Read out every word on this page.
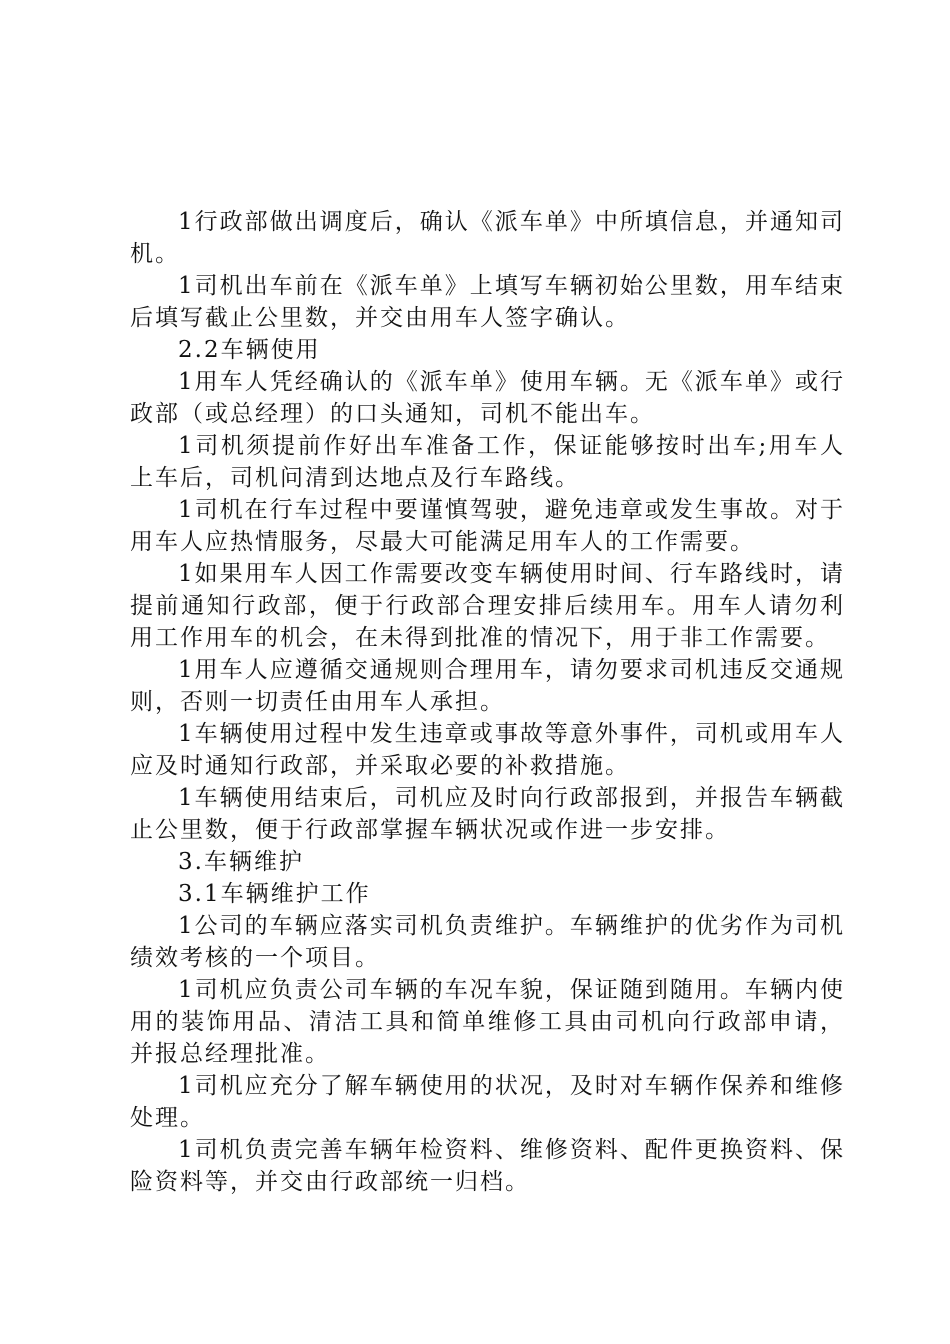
1行政部做出调度后，确认《派车单》中所填信息，并通知司机。

1司机出车前在《派车单》上填写车辆初始公里数，用车结束后填写截止公里数，并交由用车人签字确认。

2.2车辆使用

1用车人凭经确认的《派车单》使用车辆。无《派车单》或行政部（或总经理）的口头通知，司机不能出车。

1司机须提前作好出车准备工作，保证能够按时出车;用车人上车后，司机问清到达地点及行车路线。

1司机在行车过程中要谨慎驾驶，避免违章或发生事故。对于用车人应热情服务，尽最大可能满足用车人的工作需要。

1如果用车人因工作需要改变车辆使用时间、行车路线时，请提前通知行政部，便于行政部合理安排后续用车。用车人请勿利用工作用车的机会，在未得到批准的情况下，用于非工作需要。

1用车人应遵循交通规则合理用车，请勿要求司机违反交通规则，否则一切责任由用车人承担。

1车辆使用过程中发生违章或事故等意外事件，司机或用车人应及时通知行政部，并采取必要的补救措施。

1车辆使用结束后，司机应及时向行政部报到，并报告车辆截止公里数，便于行政部掌握车辆状况或作进一步安排。

3.车辆维护

3.1车辆维护工作

1公司的车辆应落实司机负责维护。车辆维护的优劣作为司机绩效考核的一个项目。

1司机应负责公司车辆的车况车貌，保证随到随用。车辆内使用的装饰用品、清洁工具和简单维修工具由司机向行政部申请，并报总经理批准。

1司机应充分了解车辆使用的状况，及时对车辆作保养和维修处理。

1司机负责完善车辆年检资料、维修资料、配件更换资料、保险资料等，并交由行政部统一归档。
